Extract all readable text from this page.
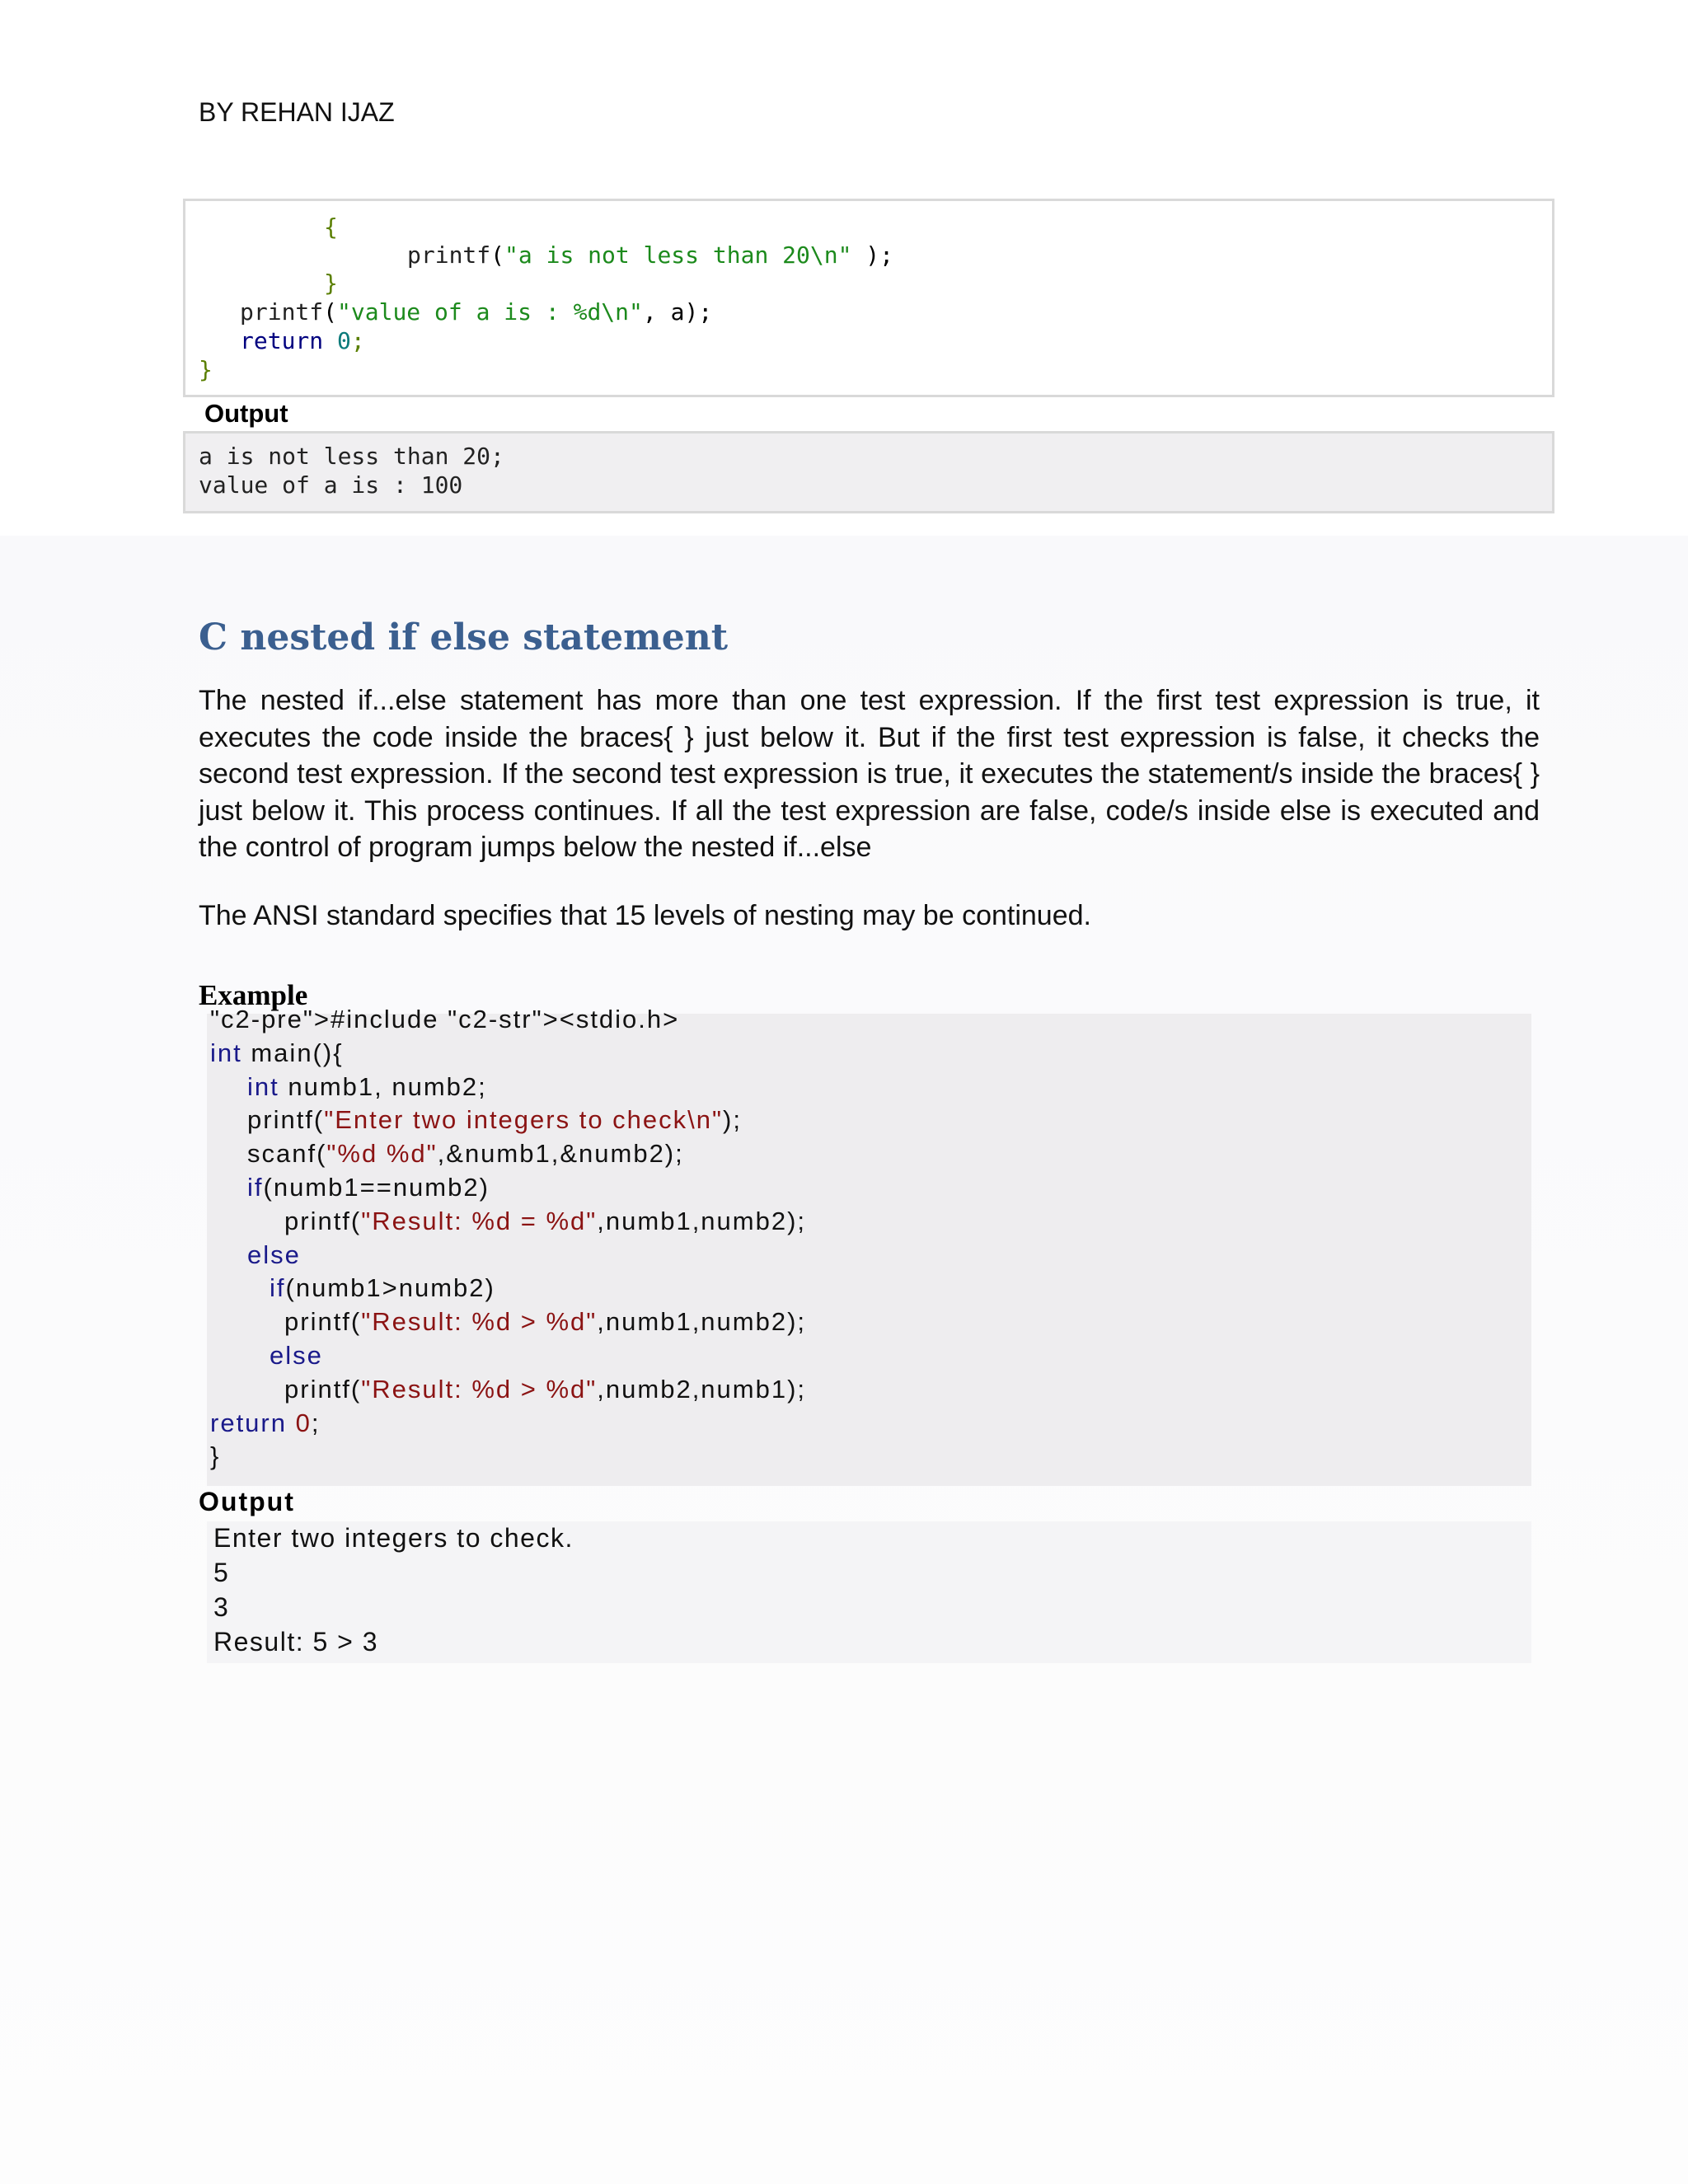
BY REHAN IJAZ
{
printf("a is not less than 20\n" );
}
printf("value of a is : %d\n", a);
return 0;
}
Output
a is not less than 20;
value of a is : 100
C nested if else statement

The nested if...else statement has more than one test expression. If the first test expression is true, it executes the code inside the braces{ } just below it. But if the first test expression is false, it checks the second test expression. If the second test expression is true, it executes the statement/s inside the braces{ } just below it. This process continues. If all the test expression are false, code/s inside else is executed and the control of program jumps below the nested if...else

The ANSI standard specifies that 15 levels of nesting may be continued.

Example
"c2-pre">#include "c2-str"><stdio.h>
int main(){
int numb1, numb2;
printf("Enter two integers to check\n");
scanf("%d %d",&numb1,&numb2);
if(numb1==numb2)
printf("Result: %d = %d",numb1,numb2);
else
if(numb1>numb2)
printf("Result: %d > %d",numb1,numb2);
else
printf("Result: %d > %d",numb2,numb1);
return 0;
}
Output
Enter two integers to check.
5
3
Result: 5 > 3
